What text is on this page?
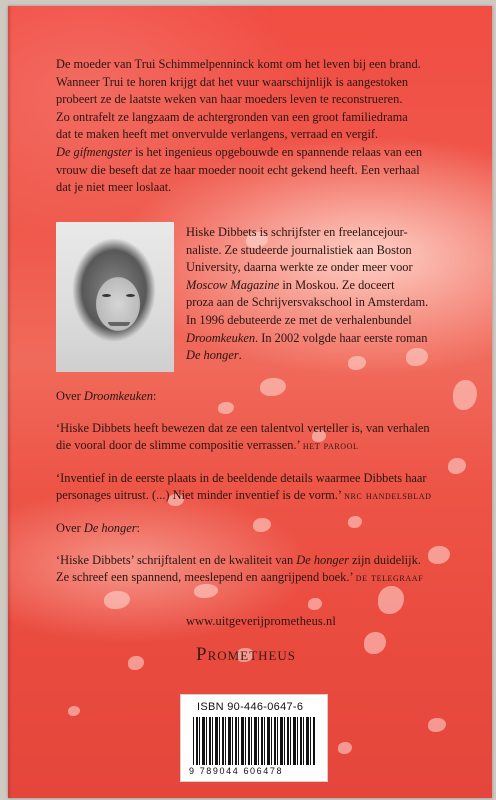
De moeder van Trui Schimmelpenninck komt om het leven bij een brand.

Wanneer Trui te horen krijgt dat het vuur waarschijnlijk is aangestoken

probeert ze de laatste weken van haar moeders leven te reconstrueren.

Zo ontrafelt ze langzaam de achtergronden van een groot familiedrama

dat te maken heeft met onvervulde verlangens, verraad en vergif.

De gifmengster is het ingenieus opgebouwde en spannende relaas van een

vrouw die beseft dat ze haar moeder nooit echt gekend heeft. Een verhaal

dat je niet meer loslaat.

Hiske Dibbets is schrijfster en freelancejour-
naliste. Ze studeerde journalistiek aan Boston
University, daarna werkte ze onder meer voor
Moscow Magazine in Moskou. Ze doceert
proza aan de Schrijversvakschool in Amsterdam.
In 1996 debuteerde ze met de verhalenbundel
Droomkeuken. In 2002 volgde haar eerste roman
De honger.

Over Droomkeuken:

‘Hiske Dibbets heeft bewezen dat ze een talentvol verteller is, van verhalen

die vooral door de slimme compositie verrassen.’ het parool

‘Inventief in de eerste plaats in de beeldende details waarmee Dibbets haar

personages uitrust. (...) Niet minder inventief is de vorm.’ nrc handelsblad

Over De honger:

‘Hiske Dibbets’ schrijftalent en de kwaliteit van De honger zijn duidelijk.

Ze schreef een spannend, meeslepend en aangrijpend boek.’ de telegraaf

www.uitgeverijprometheus.nl
Prometheus
ISBN 90-446-0647-6
9 789044 606478
